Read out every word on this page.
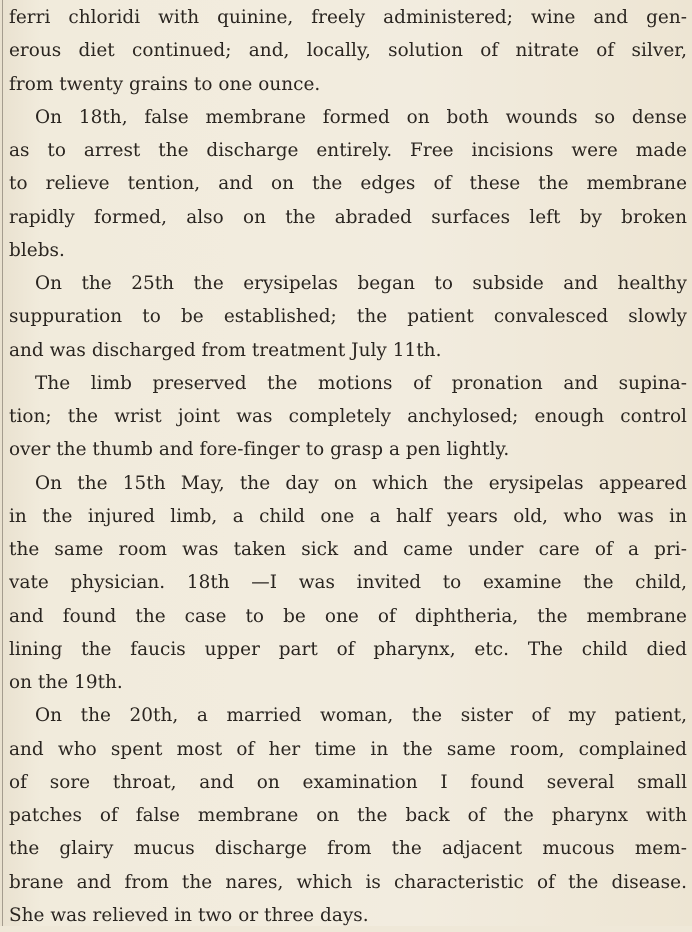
ferri chloridi with quinine, freely administered; wine and gen-
erous diet continued; and, locally, solution of nitrate of silver,
from twenty grains to one ounce.
On 18th, false membrane formed on both wounds so dense
as to arrest the discharge entirely. Free incisions were made
to relieve tention, and on the edges of these the membrane
rapidly formed, also on the abraded surfaces left by broken
blebs.
On the 25th the erysipelas began to subside and healthy
suppuration to be established; the patient convalesced slowly
and was discharged from treatment July 11th.
The limb preserved the motions of pronation and supina-
tion; the wrist joint was completely anchylosed; enough control
over the thumb and fore-finger to grasp a pen lightly.
On the 15th May, the day on which the erysipelas appeared
in the injured limb, a child one a half years old, who was in
the same room was taken sick and came under care of a pri-
vate physician. 18th —I was invited to examine the child,
and found the case to be one of diphtheria, the membrane
lining the faucis upper part of pharynx, etc. The child died
on the 19th.
On the 20th, a married woman, the sister of my patient,
and who spent most of her time in the same room, complained
of sore throat, and on examination I found several small
patches of false membrane on the back of the pharynx with
the glairy mucus discharge from the adjacent mucous mem-
brane and from the nares, which is characteristic of the disease.
She was relieved in two or three days.
